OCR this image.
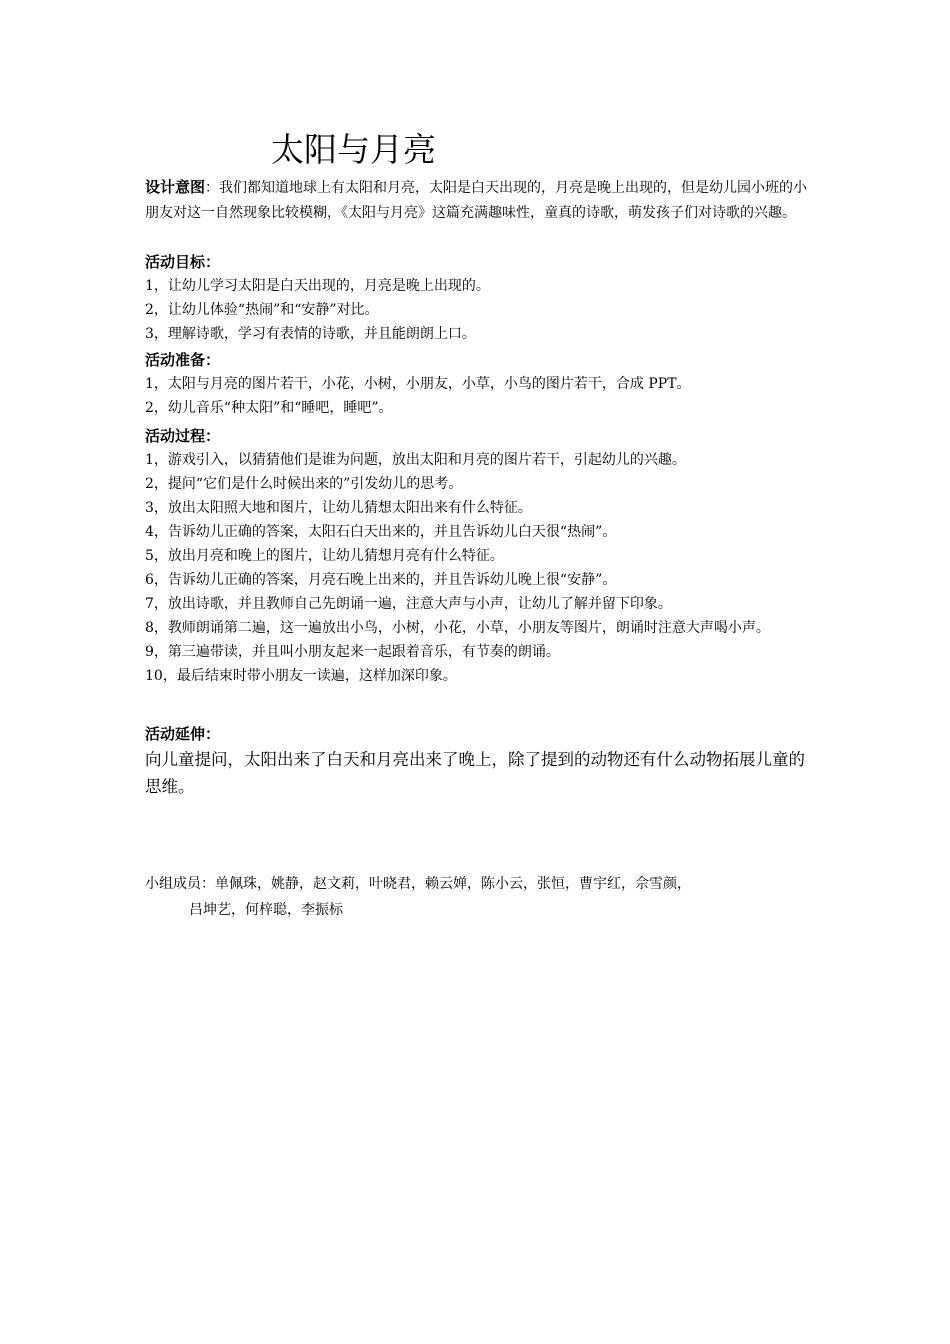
太阳与月亮
设计意图：我们都知道地球上有太阳和月亮，太阳是白天出现的，月亮是晚上出现的，但是幼儿园小班的小朋友对这一自然现象比较模糊，《太阳与月亮》这篇充满趣味性，童真的诗歌，萌发孩子们对诗歌的兴趣。

活动目标：

1，让幼儿学习太阳是白天出现的，月亮是晚上出现的。

2，让幼儿体验“热闹”和“安静”对比。

3，理解诗歌，学习有表情的诗歌，并且能朗朗上口。

活动准备：

1，太阳与月亮的图片若干，小花，小树，小朋友，小草，小鸟的图片若干，合成 PPT。

2，幼儿音乐“种太阳”和“睡吧，睡吧”。

活动过程：

1，游戏引入，以猜猜他们是谁为问题，放出太阳和月亮的图片若干，引起幼儿的兴趣。

2，提问“它们是什么时候出来的”引发幼儿的思考。

3，放出太阳照大地和图片，让幼儿猜想太阳出来有什么特征。

4，告诉幼儿正确的答案，太阳石白天出来的，并且告诉幼儿白天很“热闹”。

5，放出月亮和晚上的图片，让幼儿猜想月亮有什么特征。

6，告诉幼儿正确的答案，月亮石晚上出来的，并且告诉幼儿晚上很“安静”。

7，放出诗歌，并且教师自己先朗诵一遍，注意大声与小声，让幼儿了解并留下印象。

8，教师朗诵第二遍，这一遍放出小鸟，小树，小花，小草，小朋友等图片，朗诵时注意大声喝小声。

9，第三遍带读，并且叫小朋友起来一起跟着音乐，有节奏的朗诵。

10，最后结束时带小朋友一读遍，这样加深印象。

活动延伸：

向儿童提问，太阳出来了白天和月亮出来了晚上，除了提到的动物还有什么动物拓展儿童的思维。

小组成员：单佩珠，姚静，赵文莉，叶晓君，赖云婵，陈小云，张恒，曹宇红，佘雪颜，
吕坤艺，何梓聪，李振标
